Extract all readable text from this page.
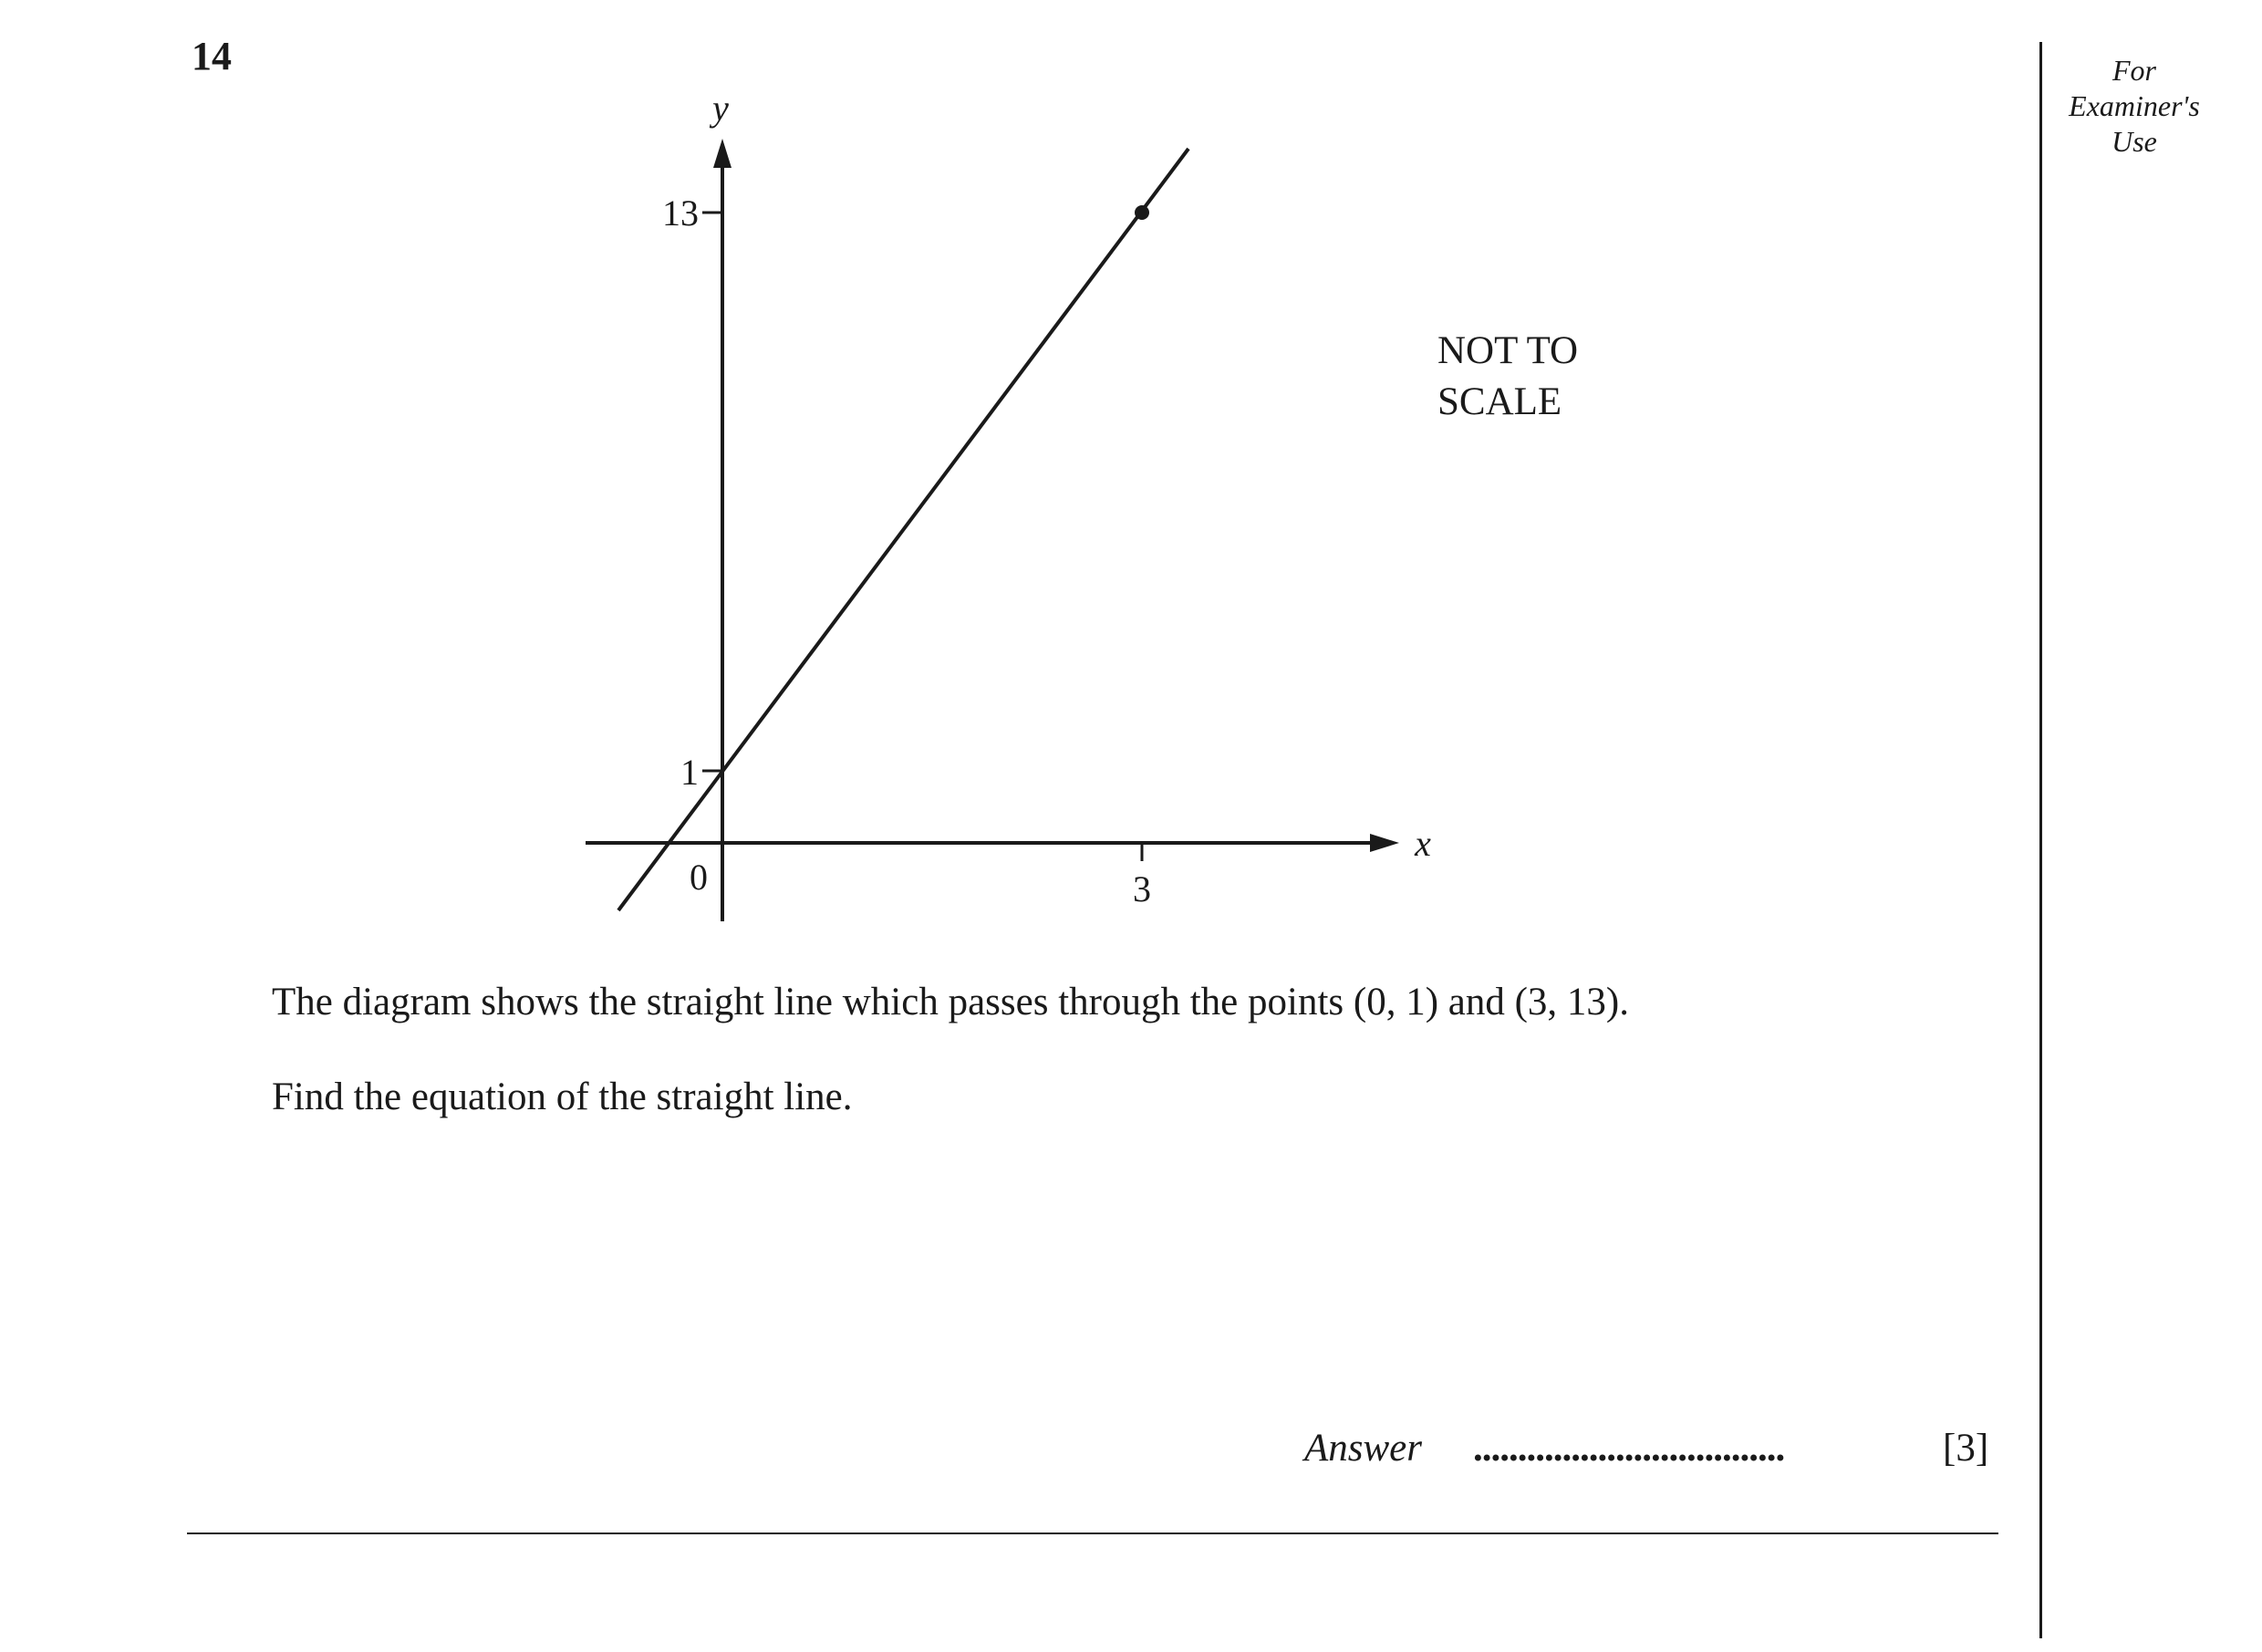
14	For
Examiner's
Use
y
x
13
1
3
0
NOT TO
SCALE
The diagram shows the straight line which passes through the points (0, 1) and (3, 13).
Find the equation of the straight line.
Answer ...................................	[3]
